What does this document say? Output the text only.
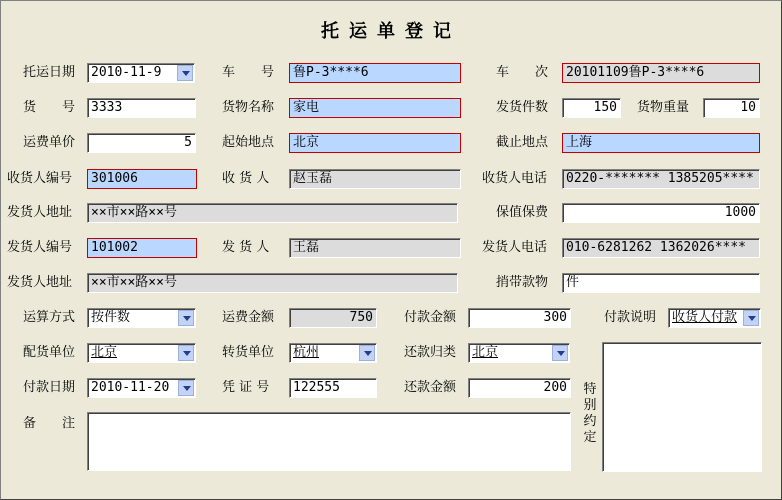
托运单登记
托运日期 2010-11-9	车　　号	鲁P-3****6	车　　次	20101109鲁P-3****6
货　　号	3333	货物名称	家电	发货件数	150	货物重量	10
运费单价	5	起始地点	北京	截止地点	上海
收货人编号	301006	收 货 人	赵玉磊	收货人电话	0220-******* 1385205****
发货人地址	××市××路××号	保值保费	1000
发货人编号	101002	发 货 人	王磊	发货人电话	010-6281262 1362026****
发货人地址	××市××路××号	捎带款物	件
运算方式 按件数	运费金额	750	付款金额	300	付款说明 收货人付款
配货单位 北京	转货单位 杭州	还款归类 北京
付款日期 2010-11-20	凭 证 号	122555	还款金额	200	特别约定
备　　注
